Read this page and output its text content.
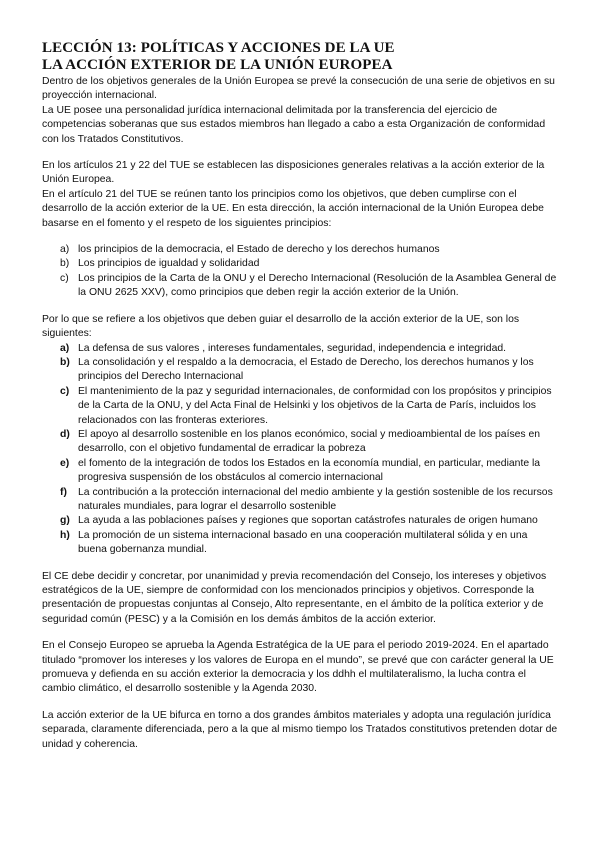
LECCIÓN 13: POLÍTICAS Y ACCIONES DE LA UE
LA ACCIÓN EXTERIOR DE LA UNIÓN EUROPEA

Dentro de los objetivos generales de la Unión Europea se prevé la consecución de una serie de objetivos en su proyección internacional.

La UE posee una personalidad jurídica internacional delimitada por la transferencia del ejercicio de competencias soberanas que sus estados miembros han llegado a cabo a esta Organización de conformidad con los Tratados Constitutivos.

En los artículos 21 y 22 del TUE se establecen las disposiciones generales relativas a la acción exterior de la Unión Europea.

En el artículo 21 del TUE se reúnen tanto los principios como los objetivos, que deben cumplirse con el desarrollo de la acción exterior de la UE. En esta dirección, la acción internacional de la Unión Europea debe basarse en el fomento y el respeto de los siguientes principios:

a) los principios de la democracia, el Estado de derecho y los derechos humanos
b) Los principios de igualdad y solidaridad
c) Los principios de la Carta de la ONU y el Derecho Internacional (Resolución de la Asamblea General de la ONU 2625 XXV), como principios que deben regir la acción exterior de la Unión.

Por lo que se refiere a los objetivos que deben guiar el desarrollo de la acción exterior de la UE, son los siguientes:

a) La defensa de sus valores , intereses fundamentales, seguridad, independencia e integridad.
b) La consolidación y el respaldo a la democracia, el Estado de Derecho, los derechos humanos y los principios del Derecho Internacional
c) El mantenimiento de la paz y seguridad internacionales, de conformidad con los propósitos y principios de la Carta de la ONU, y del Acta Final de Helsinki y los objetivos de la Carta de París, incluidos los relacionados con las fronteras exteriores.
d) El apoyo al desarrollo sostenible en los planos económico, social y medioambiental de los países en desarrollo, con el objetivo fundamental de erradicar la pobreza
e) el fomento de la integración de todos los Estados en la economía mundial, en particular, mediante la progresiva suspensión de los obstáculos al comercio internacional
f) La contribución a la protección internacional del medio ambiente y la gestión sostenible de los recursos naturales mundiales, para lograr el desarrollo sostenible
g) La ayuda a las poblaciones países y regiones que soportan catástrofes naturales de origen humano
h) La promoción de un sistema internacional basado en una cooperación multilateral sólida y en una buena gobernanza mundial.

El CE debe decidir y concretar, por unanimidad y previa recomendación del Consejo, los intereses y objetivos estratégicos de la UE, siempre de conformidad con los mencionados principios y objetivos. Corresponde la presentación de propuestas conjuntas al Consejo, Alto representante, en el ámbito de la política exterior y de seguridad común (PESC) y a la Comisión en los demás ámbitos de la acción exterior.

En el Consejo Europeo se aprueba la Agenda Estratégica de la UE para el periodo 2019-2024. En el apartado titulado “promover los intereses y los valores de Europa en el mundo”, se prevé que con carácter general la UE promueva y defienda en su acción exterior la democracia y los ddhh el multilateralismo, la lucha contra el cambio climático, el desarrollo sostenible y la Agenda 2030.

La acción exterior de la UE bifurca en torno a dos grandes ámbitos materiales y adopta una regulación jurídica separada, claramente diferenciada, pero a la que al mismo tiempo los Tratados constitutivos pretenden dotar de unidad y coherencia.
